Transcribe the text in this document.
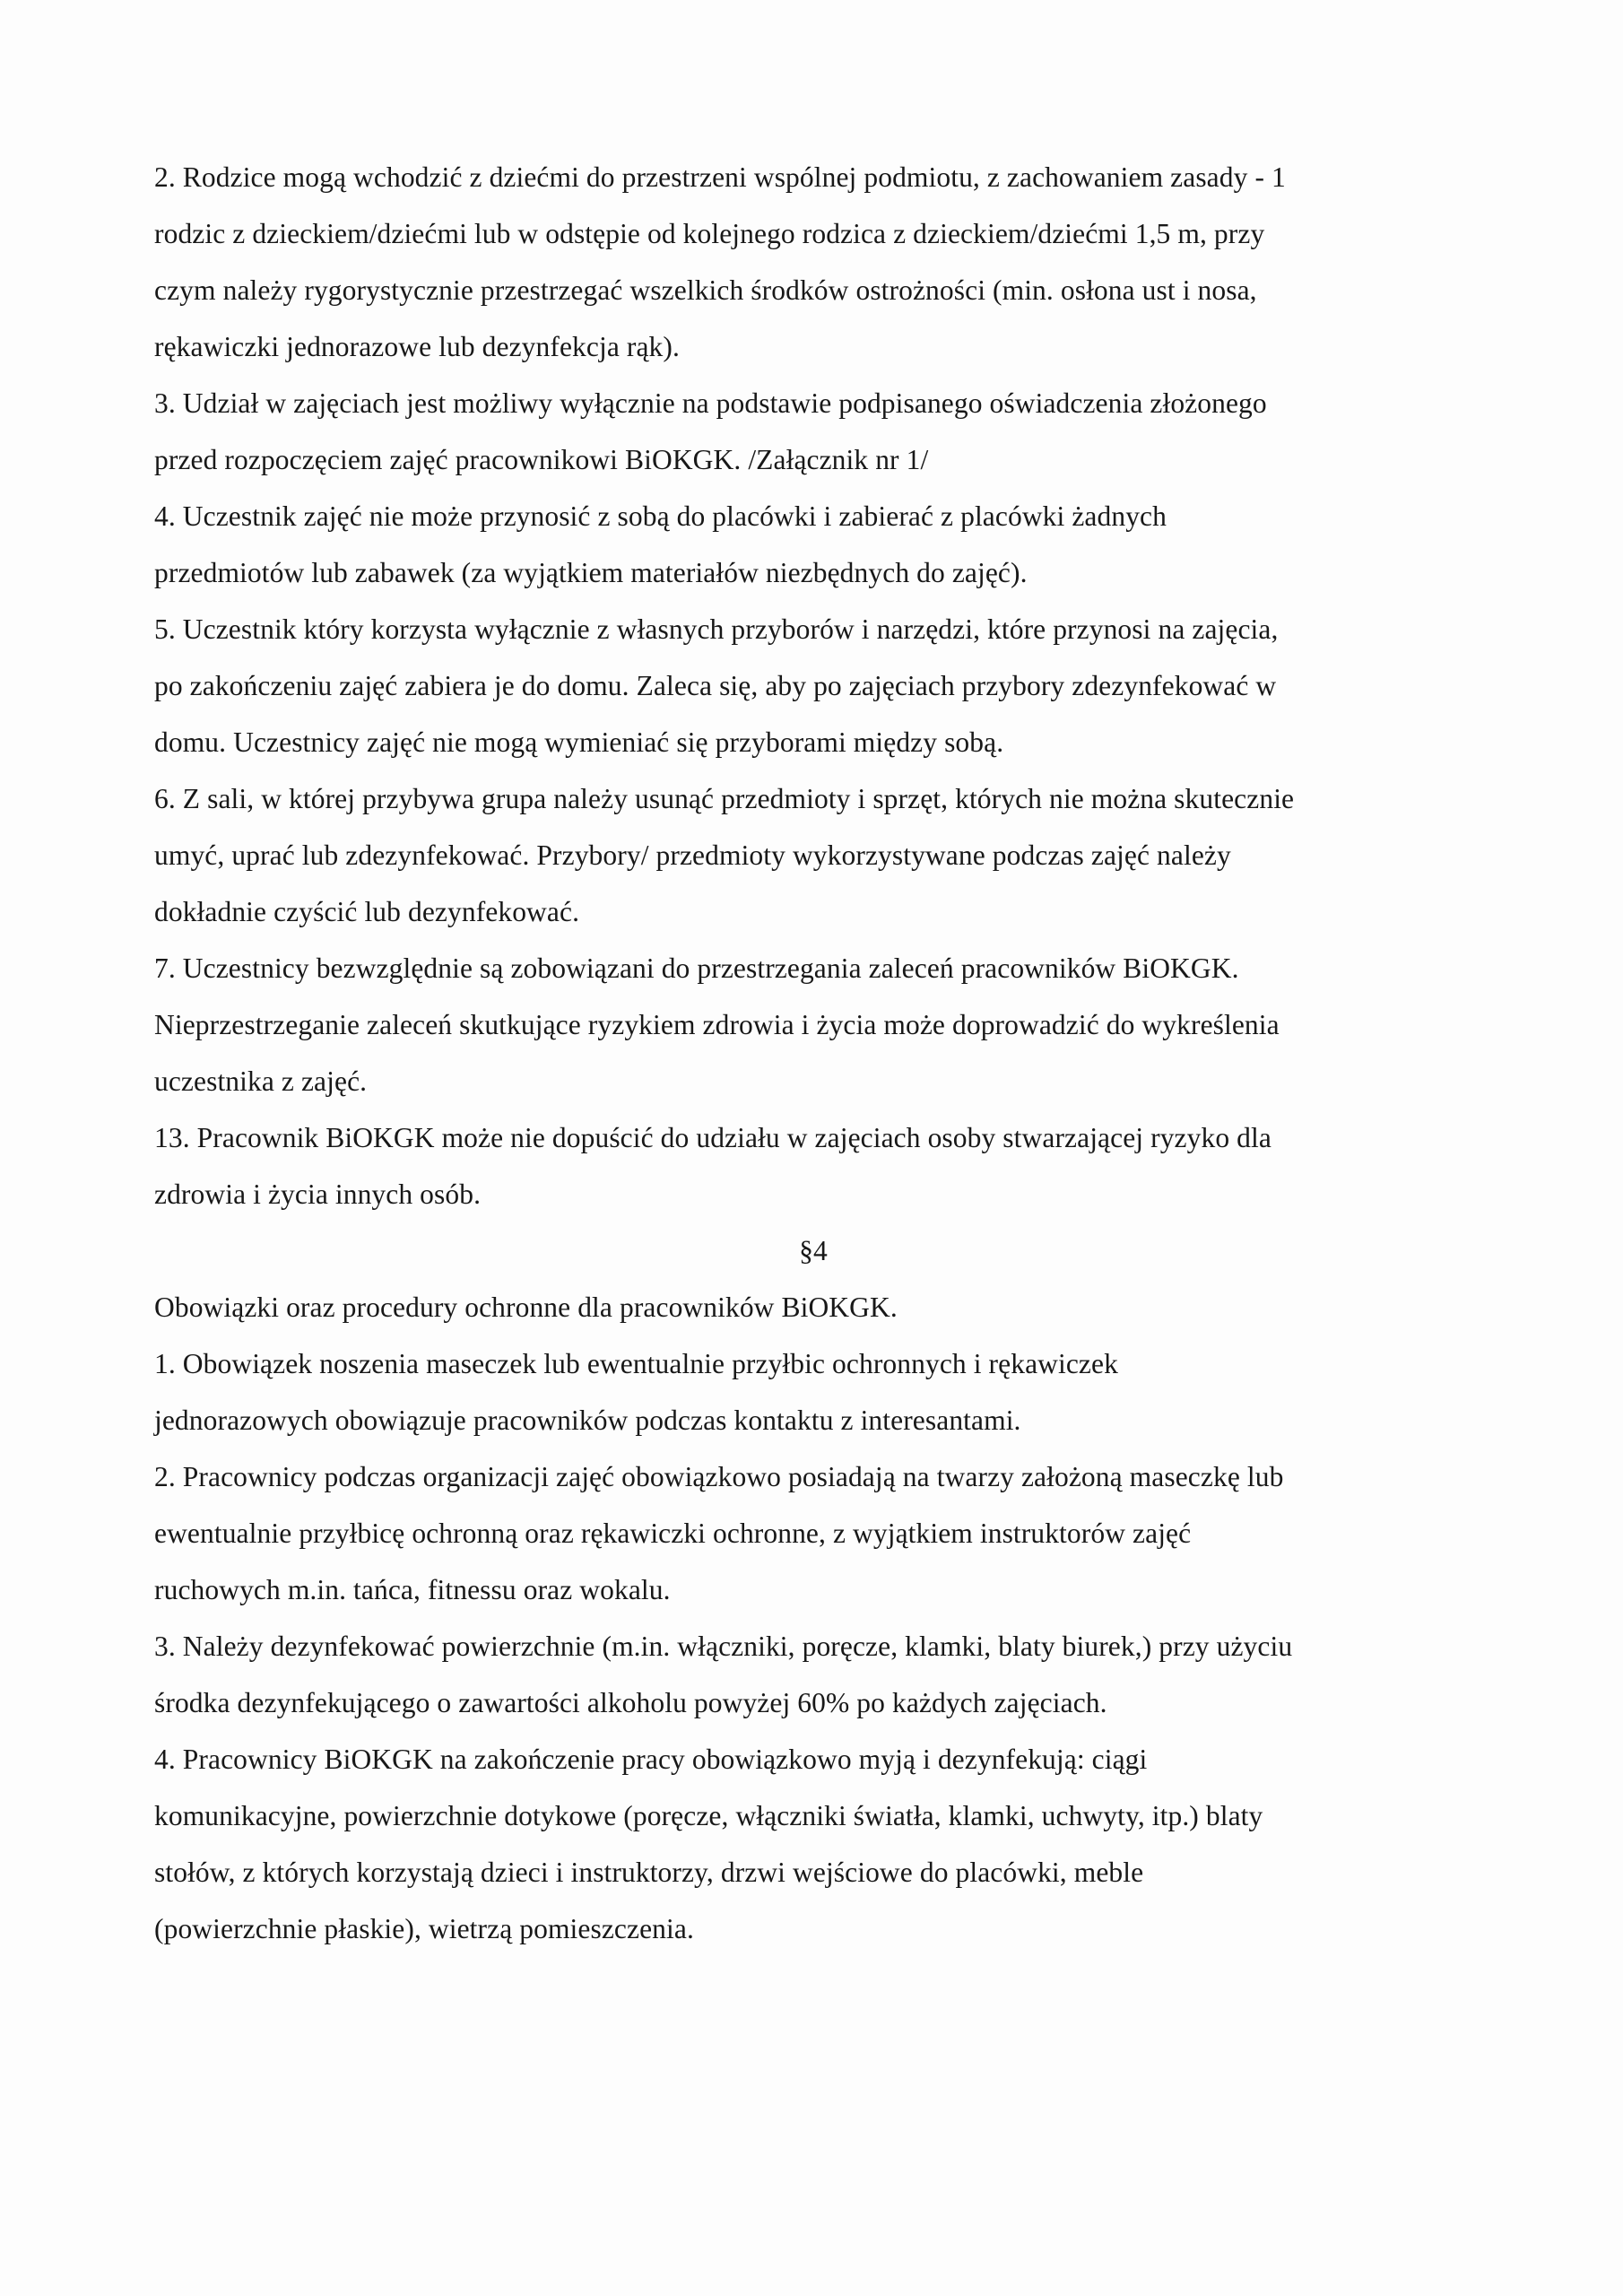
2. Rodzice mogą wchodzić z dziećmi do przestrzeni wspólnej podmiotu, z zachowaniem zasady - 1
rodzic z dzieckiem/dziećmi lub w odstępie od kolejnego rodzica z dzieckiem/dziećmi 1,5 m, przy
czym należy rygorystycznie przestrzegać wszelkich środków ostrożności (min. osłona ust i nosa,
rękawiczki jednorazowe lub dezynfekcja rąk).
3. Udział w zajęciach jest możliwy wyłącznie na podstawie podpisanego oświadczenia złożonego
przed rozpoczęciem zajęć pracownikowi BiOKGK. /Załącznik nr 1/
4. Uczestnik zajęć nie może przynosić z sobą do placówki i zabierać z placówki żadnych
przedmiotów lub zabawek (za wyjątkiem materiałów niezbędnych do zajęć).
5. Uczestnik który korzysta wyłącznie z własnych przyborów i narzędzi, które przynosi na zajęcia,
po zakończeniu zajęć zabiera je do domu. Zaleca się, aby po zajęciach przybory zdezynfekować w
domu. Uczestnicy zajęć nie mogą wymieniać się przyborami między sobą.
6. Z sali, w której przybywa grupa należy usunąć przedmioty i sprzęt, których nie można skutecznie
umyć, uprać lub zdezynfekować. Przybory/ przedmioty wykorzystywane podczas zajęć należy
dokładnie czyścić lub dezynfekować.
7. Uczestnicy bezwzględnie są zobowiązani do przestrzegania zaleceń pracowników BiOKGK.
Nieprzestrzeganie zaleceń skutkujące ryzykiem zdrowia i życia może doprowadzić do wykreślenia
uczestnika z zajęć.
13. Pracownik BiOKGK może nie dopuścić do udziału w zajęciach osoby stwarzającej ryzyko dla
zdrowia i życia innych osób.
§4
Obowiązki oraz procedury ochronne dla pracowników BiOKGK.
1. Obowiązek noszenia maseczek lub ewentualnie przyłbic ochronnych i rękawiczek
jednorazowych obowiązuje pracowników podczas kontaktu z interesantami.
2. Pracownicy podczas organizacji zajęć obowiązkowo posiadają na twarzy założoną maseczkę lub
ewentualnie przyłbicę ochronną oraz rękawiczki ochronne, z wyjątkiem instruktorów zajęć
ruchowych m.in. tańca, fitnessu oraz wokalu.
3. Należy dezynfekować powierzchnie (m.in. włączniki, poręcze, klamki, blaty biurek,) przy użyciu
środka dezynfekującego o zawartości alkoholu powyżej 60% po każdych zajęciach.
4. Pracownicy BiOKGK na zakończenie pracy obowiązkowo myją i dezynfekują: ciągi
komunikacyjne, powierzchnie dotykowe (poręcze, włączniki światła, klamki, uchwyty, itp.) blaty
stołów, z których korzystają dzieci i instruktorzy, drzwi wejściowe do placówki, meble
(powierzchnie płaskie), wietrzą pomieszczenia.
